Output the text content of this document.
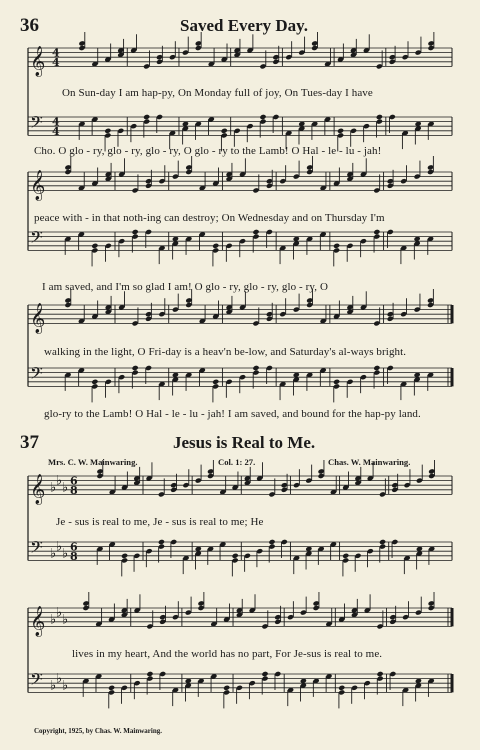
36	Saved Every Day.
𝄞 4
4
𝄢 4
4
On Sun-day I am hap-py, On Monday full of joy, On Tues-day I have
Cho. O glo - ry, glo - ry, glo - ry, O glo - ry to the Lamb! O Hal - le - lu - jah!
𝄞
𝄢
peace with - in that noth-ing can destroy; On Wednesday and on Thursday I'm
I am saved, and I'm so glad I am! O glo - ry, glo - ry, glo - ry, O
𝄞
𝄢
walking in the light, O Fri-day is a heav'n be-low, and Saturday's al-ways bright.
glo-ry to the Lamb! O Hal - le - lu - jah! I am saved, and bound for the hap-py land.
37	Jesus is Real to Me.
Mrs. C. W. Mainwaring.	Col. 1: 27.	Chas. W. Mainwaring.
𝄞 ♭ ♭ ♭ 6
8
𝄢 ♭ ♭ ♭ 6
8
Je - sus is real to me, Je - sus is real to me; He
𝄞 ♭ ♭ ♭
𝄢 ♭ ♭ ♭
lives in my heart, And the world has no part, For Je-sus is real to me.
Copyright, 1925, by Chas. W. Mainwaring.
